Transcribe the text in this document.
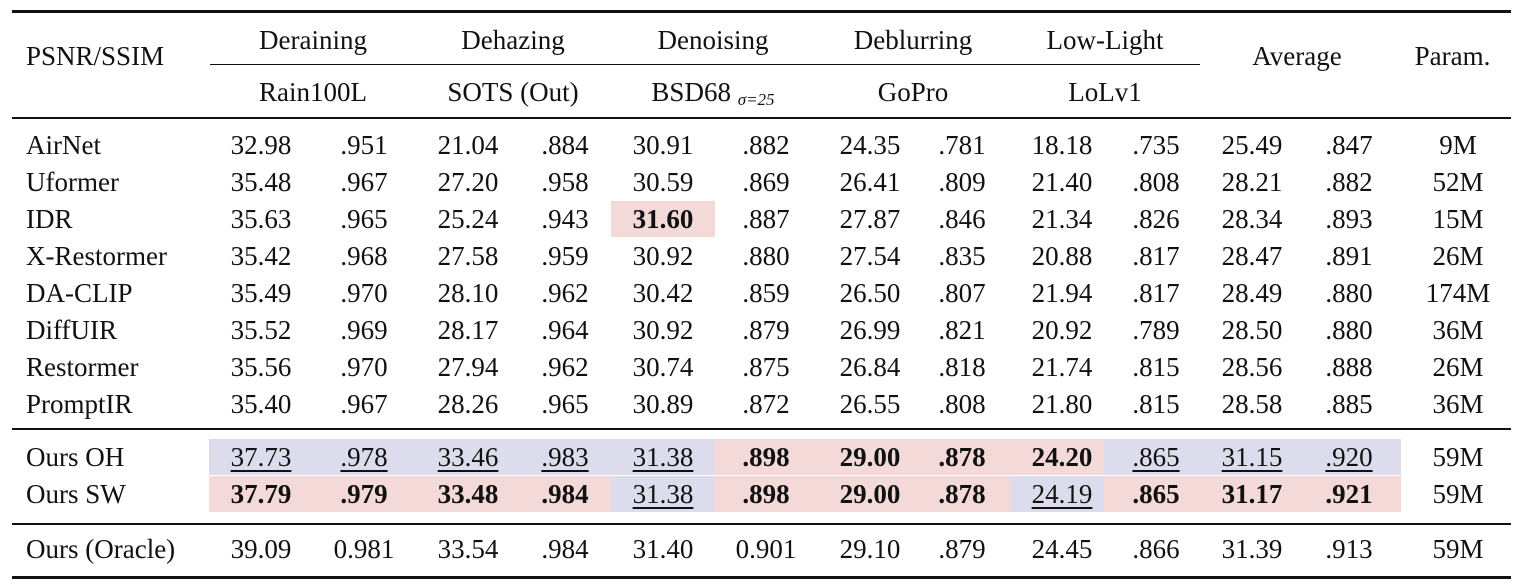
PSNR/SSIM
Deraining	Dehazing	Denoising	Deblurring	Low-Light
Rain100L	SOTS (Out)	BSD68 σ=25	GoPro	LoLv1
Average	Param.
AirNet	32.98	.951	21.04	.884	30.91	.882	24.35	.781	18.18	.735	25.49	.847	9M
Uformer	35.48	.967	27.20	.958	30.59	.869	26.41	.809	21.40	.808	28.21	.882	52M
IDR	35.63	.965	25.24	.943	31.60	.887	27.87	.846	21.34	.826	28.34	.893	15M
X-Restormer	35.42	.968	27.58	.959	30.92	.880	27.54	.835	20.88	.817	28.47	.891	26M
DA-CLIP	35.49	.970	28.10	.962	30.42	.859	26.50	.807	21.94	.817	28.49	.880	174M
DiffUIR	35.52	.969	28.17	.964	30.92	.879	26.99	.821	20.92	.789	28.50	.880	36M
Restormer	35.56	.970	27.94	.962	30.74	.875	26.84	.818	21.74	.815	28.56	.888	26M
PromptIR	35.40	.967	28.26	.965	30.89	.872	26.55	.808	21.80	.815	28.58	.885	36M
Ours OH	37.73	.978	33.46	.983	31.38	.898	29.00	.878	24.20	.865	31.15	.920	59M
Ours SW	37.79	.979	33.48	.984	31.38	.898	29.00	.878	24.19	.865	31.17	.921	59M
Ours (Oracle)	39.09	0.981	33.54	.984	31.40	0.901	29.10	.879	24.45	.866	31.39	.913	59M
